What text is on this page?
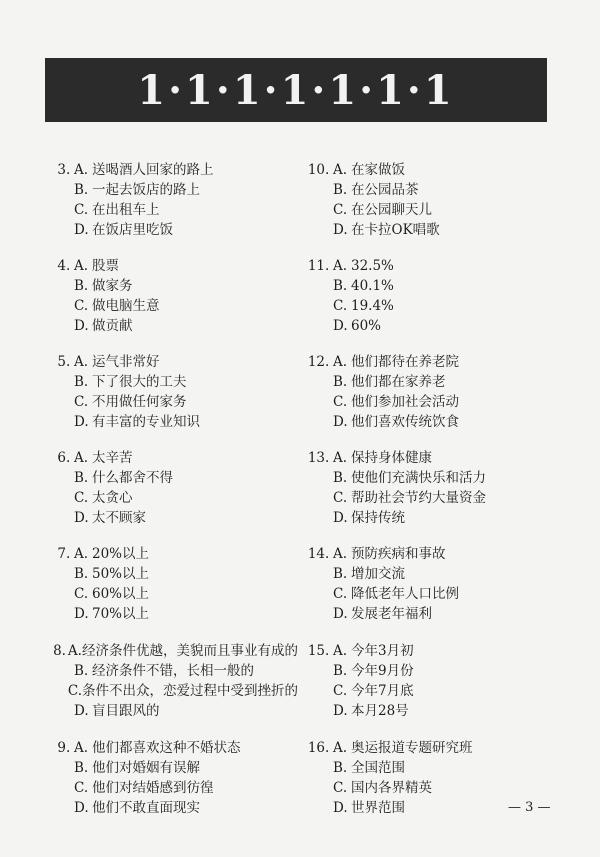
1·1·1·1·1·1·1
3 . A. 送喝酒人回家的路上
B. 一起去饭店的路上
C. 在出租车上
D. 在饭店里吃饭
4 . A. 股票
B. 做家务
C. 做电脑生意
D. 做贡献
5 . A. 运气非常好
B. 下了很大的工夫
C. 不用做任何家务
D. 有丰富的专业知识
6 . A. 太辛苦
B. 什么都舍不得
C. 太贪心
D. 太不顾家
7 . A. 20%以上
B. 50%以上
C. 60%以上
D. 70%以上
8 . A. 经济条件优越，美貌而且事业有成的
B. 经济条件不错，长相一般的
C. 条件不出众，恋爱过程中受到挫折的
D. 盲目跟风的
9 . A. 他们都喜欢这种不婚状态
B. 他们对婚姻有误解
C. 他们对结婚感到彷徨
D. 他们不敢直面现实
10 . A. 在家做饭
B. 在公园品茶
C. 在公园聊天儿
D. 在卡拉OK唱歌
11 . A. 32.5%
B. 40.1%
C. 19.4%
D. 60%
12 . A. 他们都待在养老院
B. 他们都在家养老
C. 他们参加社会活动
D. 他们喜欢传统饮食
13 . A. 保持身体健康
B. 使他们充满快乐和活力
C. 帮助社会节约大量资金
D. 保持传统
14 . A. 预防疾病和事故
B. 增加交流
C. 降低老年人口比例
D. 发展老年福利
15 . A. 今年3月初
B. 今年9月份
C. 今年7月底
D. 本月28号
16 . A. 奥运报道专题研究班
B. 全国范围
C. 国内各界精英
D. 世界范围	— 3 —
